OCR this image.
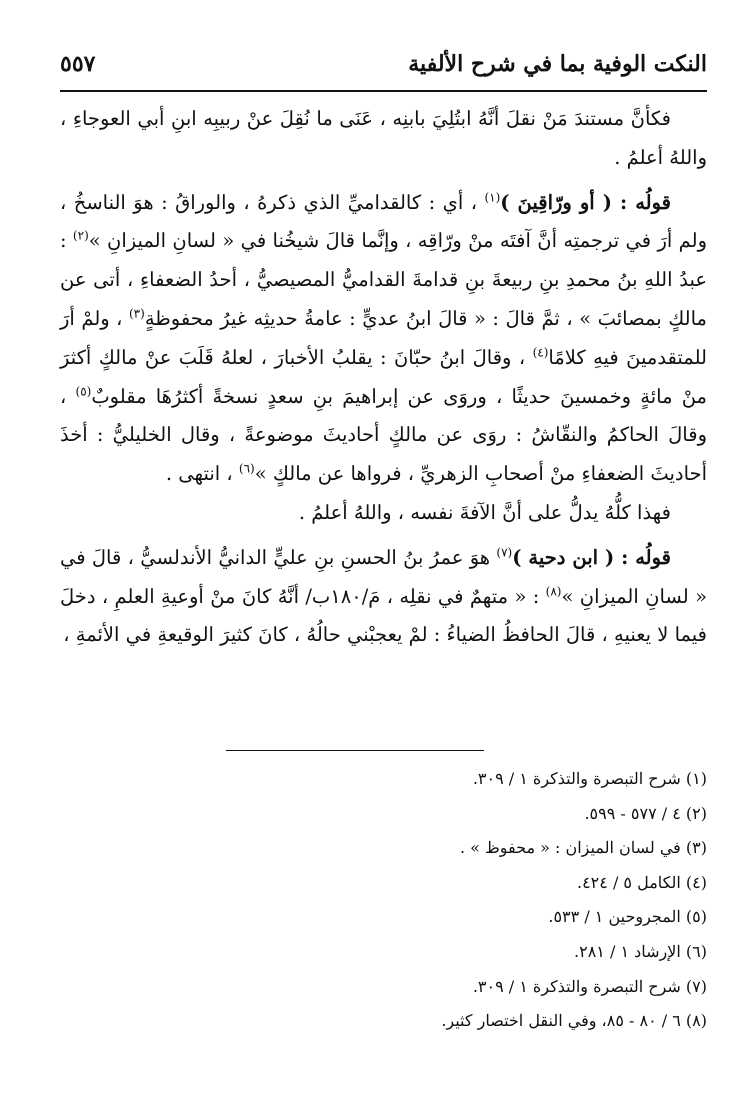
النكت الوفية بما في شرح الألفية
٥٥٧

فكأنَّ مستندَ مَنْ نقلَ أنَّهُ ابتُلِيَ بابنِه ، عَنَى ما نُقِلَ عنْ ربيبِه ابنِ أبي العوجاءِ ، واللهُ أعلمُ .

قولُه : ( أو ورّاقِينَ )$^{(١)}$ ، أي : كالقداميِّ الذي ذكرهُ ، والوراقُ : هوَ الناسخُ ، ولم أرَ في ترجمتِه أنَّ آفتَه منْ ورّاقِه ، وإنَّما قالَ شيخُنا في « لسانِ الميزانِ »$^{(٢)}$ : عبدُ اللهِ بنُ محمدِ بنِ ربيعةَ بنِ قدامةَ القداميُّ المصيصيُّ ، أحدُ الضعفاءِ ، أتى عن مالكٍ بمصائبَ » ، ثمَّ قالَ : « قالَ ابنُ عديٍّ : عامةُ حديثِه غيرُ محفوظةٍ$^{(٣)}$ ، ولمْ أرَ للمتقدمينَ فيهِ كلامًا$^{(٤)}$ ، وقالَ ابنُ حبّانَ : يقلبُ الأخبارَ ، لعلهُ قَلَبَ عنْ مالكٍ أكثرَ منْ مائةٍ وخمسينَ حديثًا ، وروَى عن إبراهيمَ بنِ سعدٍ نسخةً أكثرُهَا مقلوبٌ$^{(٥)}$ ، وقالَ الحاكمُ والنقّاشُ : روَى عن مالكٍ أحاديثَ موضوعةً ، وقال الخليليُّ : أخذَ أحاديثَ الضعفاءِ منْ أصحابِ الزهريِّ ، فرواها عن مالكٍ »$^{(٦)}$ ، انتهى .

فهذا كلُّهُ يدلُّ على أنَّ الآفةَ نفسه ، واللهُ أعلمُ .

قولُه : ( ابن دحية )$^{(٧)}$ هوَ عمرُ بنُ الحسنِ بنِ عليٍّ الدانيُّ الأندلسيُّ ، قالَ في « لسانِ الميزانِ »$^{(٨)}$ : « متهمٌ في نقلِه ، مَ/١٨٠ب/ أنَّهُ كانَ منْ أوعيةِ العلمِ ، دخلَ فيما لا يعنيهِ ، قالَ الحافظُ الضياءُ : لمْ يعجبْني حالُهُ ، كانَ كثيرَ الوقيعةِ في الأئمةِ ،

(١) شرح التبصرة والتذكرة ١ / ٣٠٩.

(٢) ٤ / ٥٧٧ - ٥٩٩.

(٣) في لسان الميزان : « محفوظ » .

(٤) الكامل ٥ / ٤٢٤.

(٥) المجروحين ١ / ٥٣٣.

(٦) الإرشاد ١ / ٢٨١.

(٧) شرح التبصرة والتذكرة ١ / ٣٠٩.

(٨) ٦ / ٨٠ - ٨٥، وفي النقل اختصار كثير.
